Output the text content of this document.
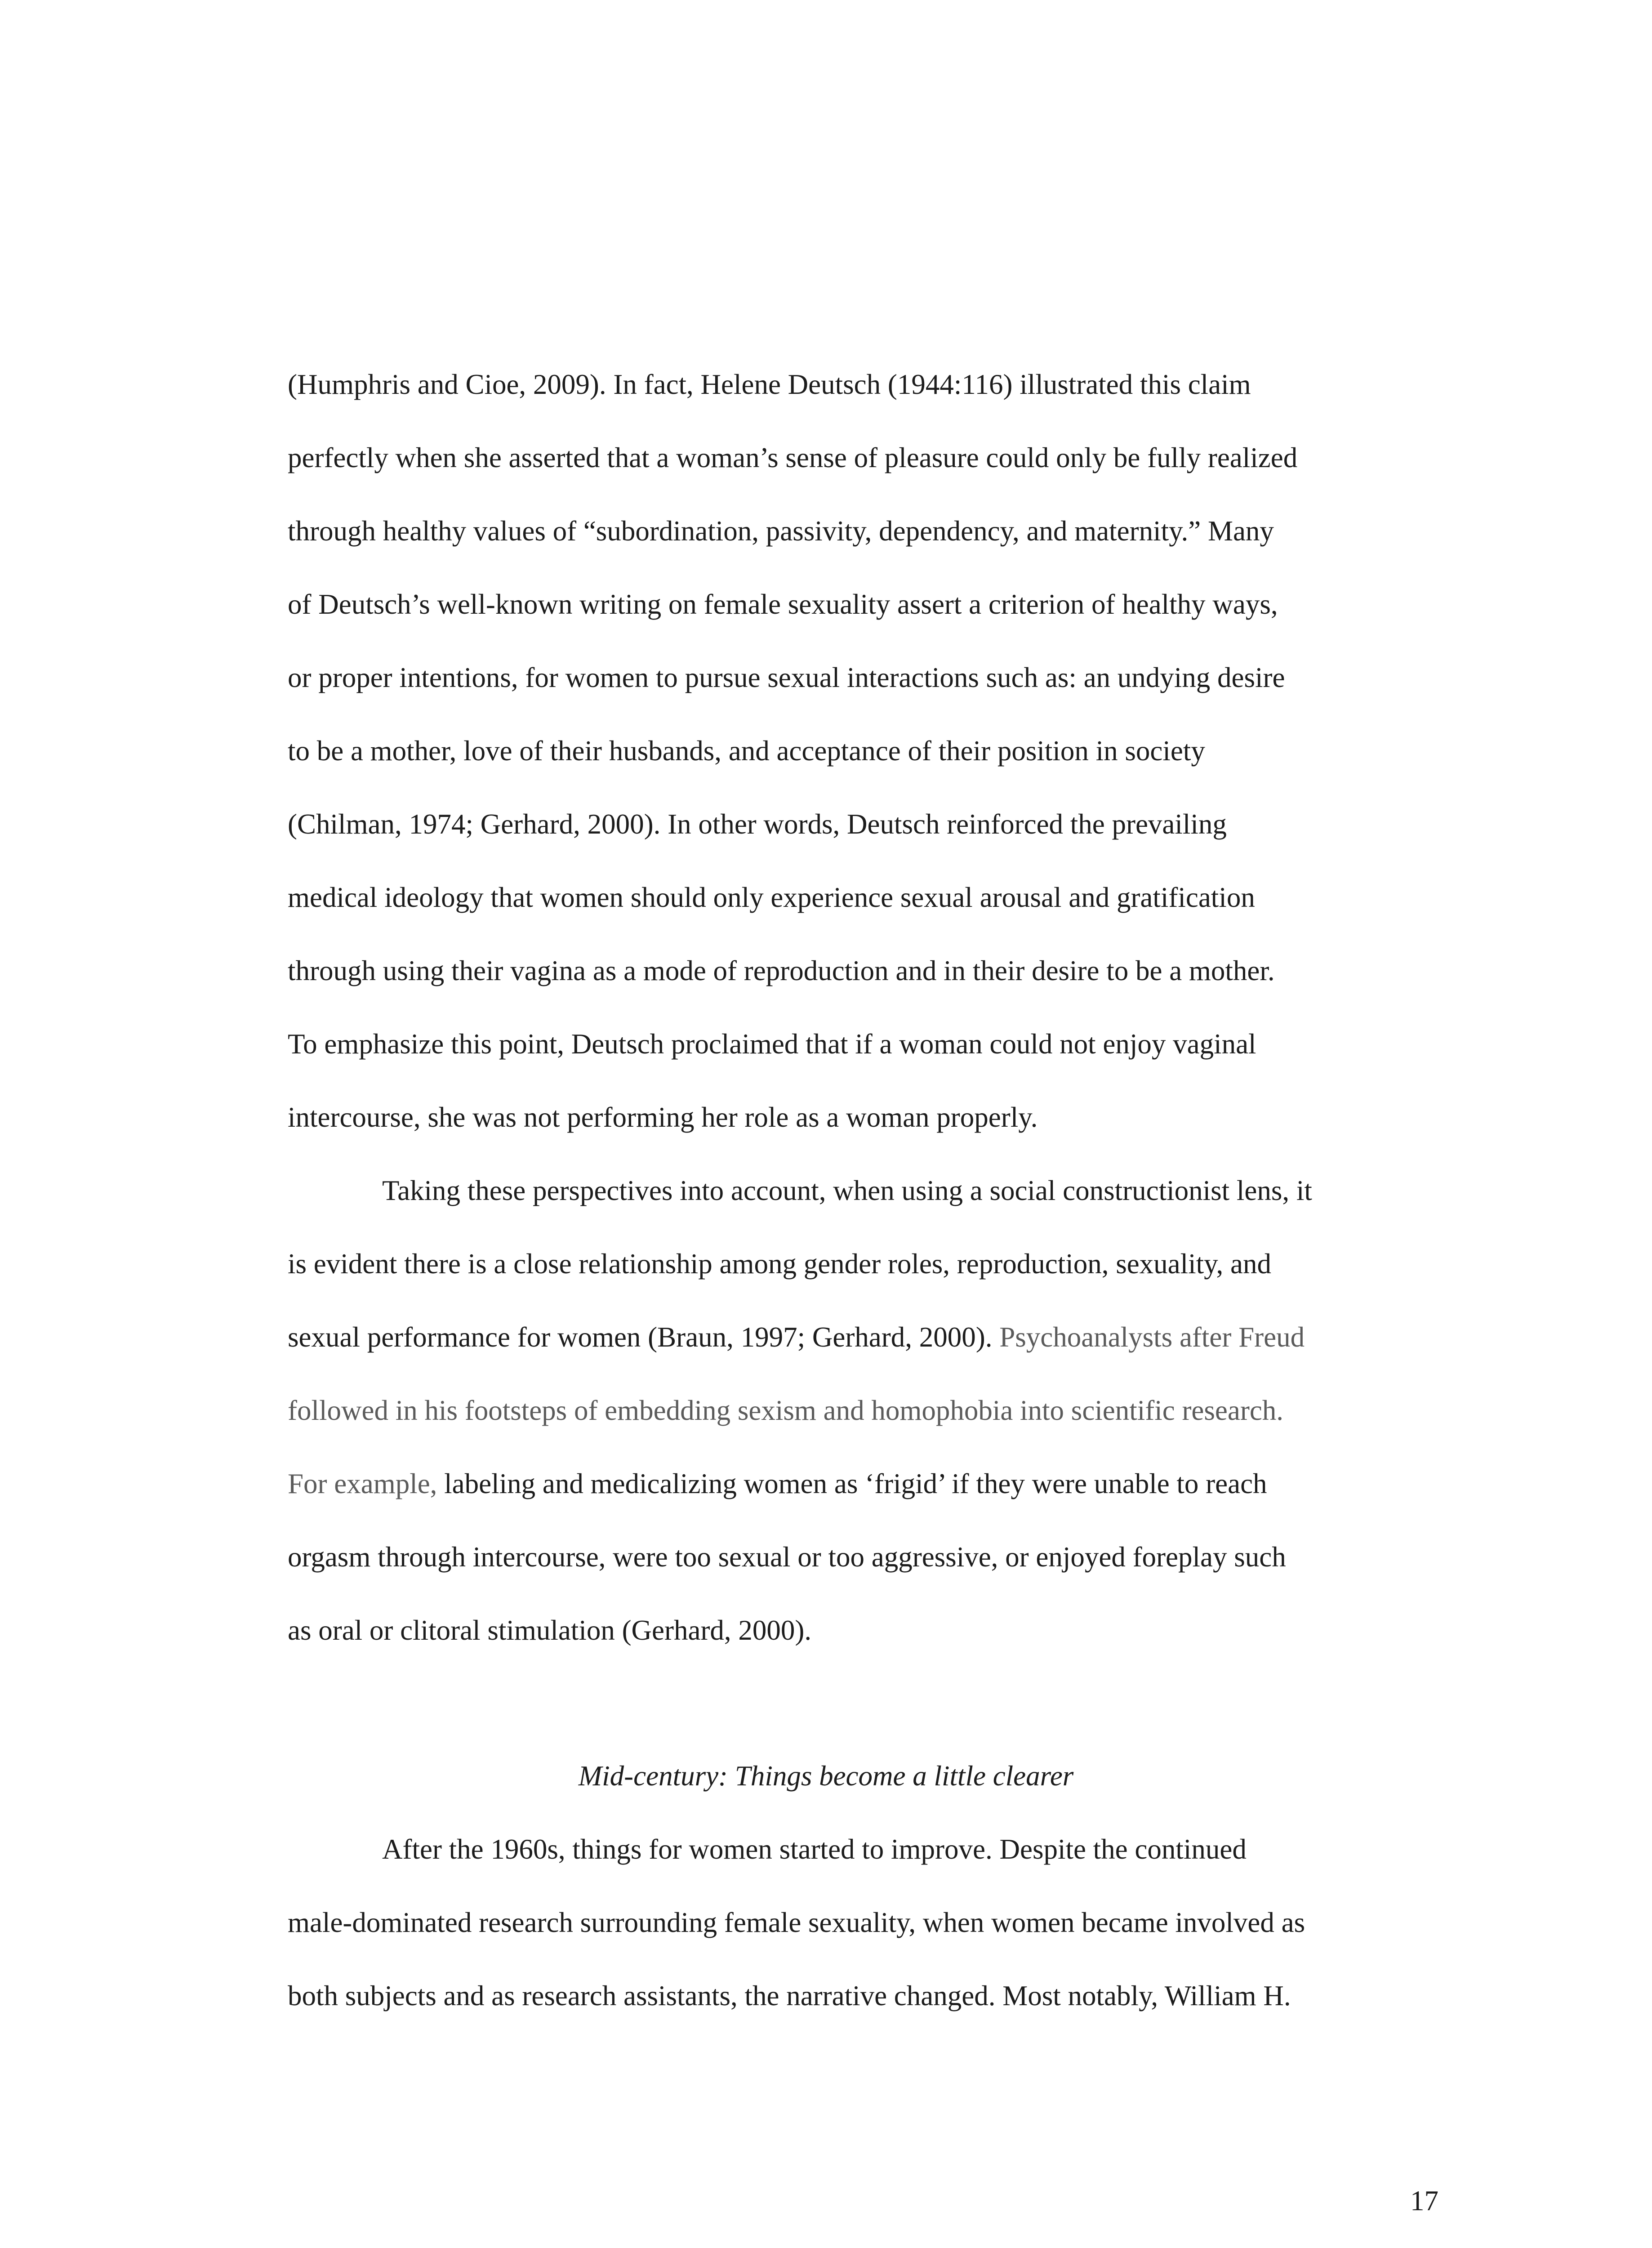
(Humphris and Cioe, 2009). In fact, Helene Deutsch (1944:116) illustrated this claim

perfectly when she asserted that a woman’s sense of pleasure could only be fully realized

through healthy values of “subordination, passivity, dependency, and maternity.” Many

of Deutsch’s well-known writing on female sexuality assert a criterion of healthy ways,

or proper intentions, for women to pursue sexual interactions such as: an undying desire

to be a mother, love of their husbands, and acceptance of their position in society

(Chilman, 1974; Gerhard, 2000). In other words, Deutsch reinforced the prevailing

medical ideology that women should only experience sexual arousal and gratification

through using their vagina as a mode of reproduction and in their desire to be a mother.

To emphasize this point, Deutsch proclaimed that if a woman could not enjoy vaginal

intercourse, she was not performing her role as a woman properly.

Taking these perspectives into account, when using a social constructionist lens, it

is evident there is a close relationship among gender roles, reproduction, sexuality, and

sexual performance for women (Braun, 1997; Gerhard, 2000). Psychoanalysts after Freud

followed in his footsteps of embedding sexism and homophobia into scientific research.

For example, labeling and medicalizing women as ‘frigid’ if they were unable to reach

orgasm through intercourse, were too sexual or too aggressive, or enjoyed foreplay such

as oral or clitoral stimulation (Gerhard, 2000).

Mid-century: Things become a little clearer

After the 1960s, things for women started to improve. Despite the continued

male-dominated research surrounding female sexuality, when women became involved as

both subjects and as research assistants, the narrative changed. Most notably, William H.

17
